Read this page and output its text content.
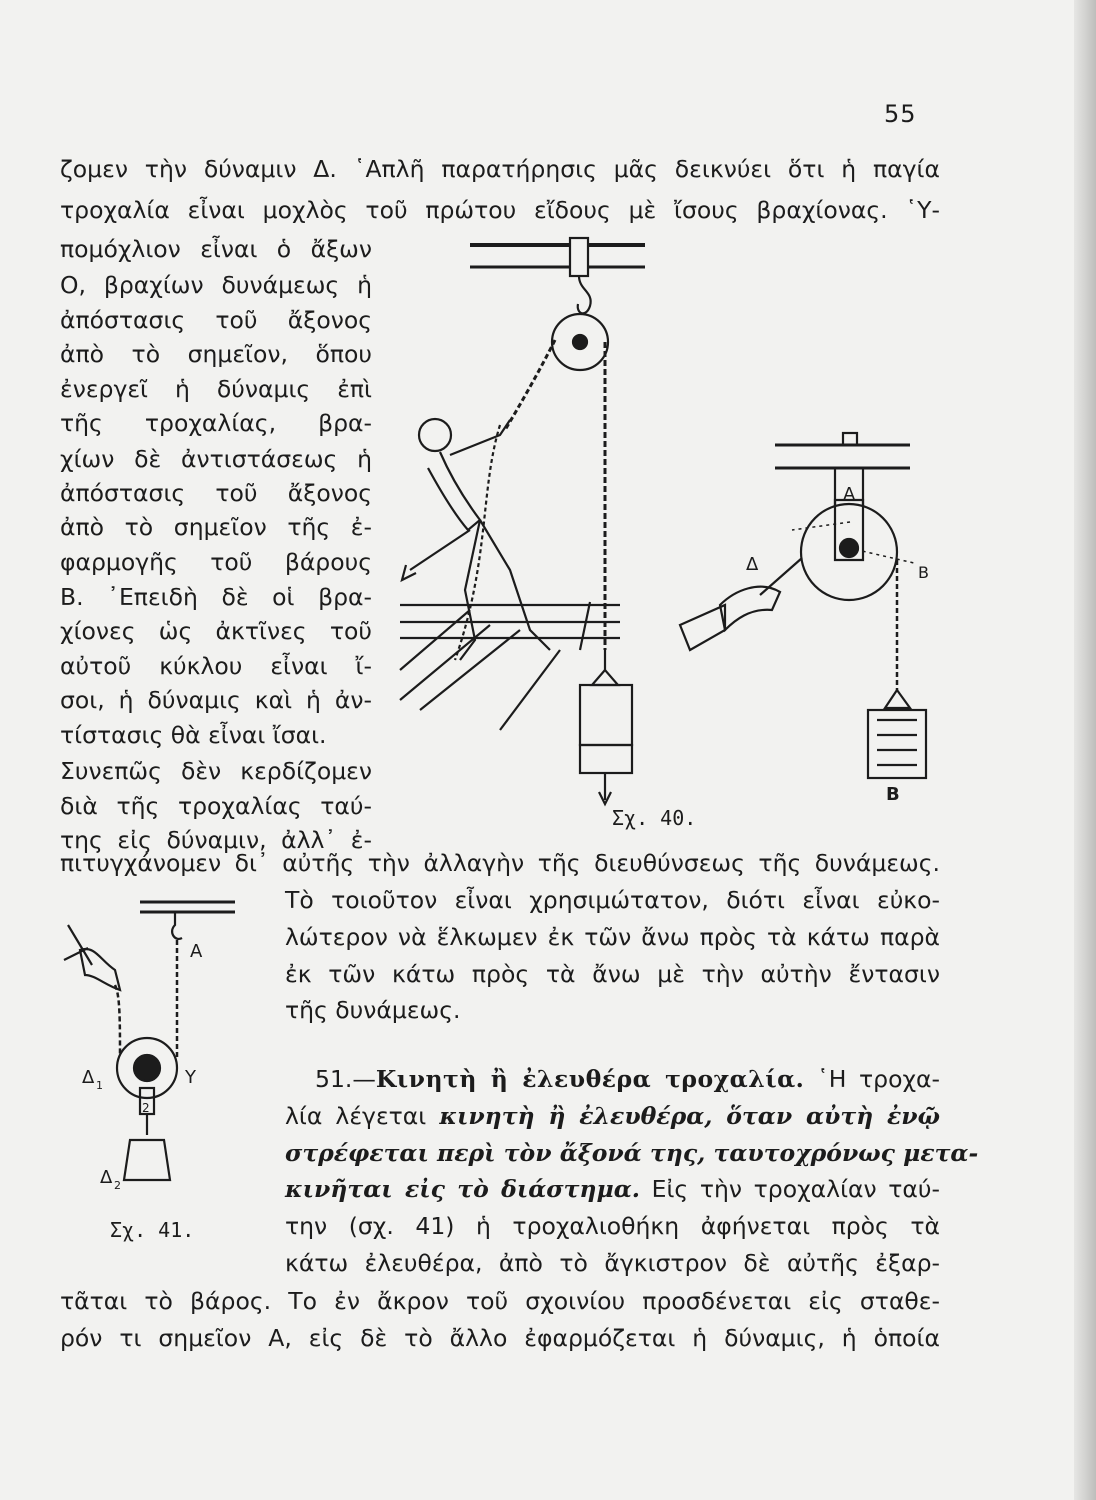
55
ζομεν τὴν δύναμιν Δ. ῾Απλῆ παρατήρησις μᾶς δεικνύει ὅτι ἡ παγία
τροχαλία εἶναι μοχλὸς τοῦ πρώτου εἴδους μὲ ἴσους βραχίονας. ῾Υ-
πομόχλιον εἶναι ὁ ἄξων
Ο, βραχίων δυνάμεως ἡ
ἀπόστασις τοῦ ἄξονος
ἀπὸ τὸ σημεῖον, ὅπου
ἐνεργεῖ ἡ δύναμις ἐπὶ
τῆς τροχαλίας, βρα-
χίων δὲ ἀντιστάσεως ἡ
ἀπόστασις τοῦ ἄξονος
ἀπὸ τὸ σημεῖον τῆς ἐ-
φαρμογῆς τοῦ βάρους
Β. ᾿Επειδὴ δὲ οἱ βρα-
χίονες ὡς ἀκτῖνες τοῦ
αὐτοῦ κύκλου εἶναι ἴ-
σοι, ἡ δύναμις καὶ ἡ ἀν-
τίστασις θὰ εἶναι ἴσαι.
Συνεπῶς δὲν κερδίζομεν
διὰ τῆς τροχαλίας ταύ-
της εἰς δύναμιν, ἀλλ᾿ ἐ-
πιτυγχάνομεν δι᾿ αὐτῆς τὴν ἀλλαγὴν τῆς διευθύνσεως τῆς δυνάμεως.
Τὸ τοιοῦτον εἶναι χρησιμώτατον, διότι εἶναι εὐκο-
λώτερον νὰ ἕλκωμεν ἐκ τῶν ἄνω πρὸς τὰ κάτω παρὰ
ἐκ τῶν κάτω πρὸς τὰ ἄνω μὲ τὴν αὐτὴν ἔντασιν
τῆς δυνάμεως.
51.—Κινητὴ ἢ ἐλευθέρα τροχαλία. ῾Η τροχα-
λία λέγεται κινητὴ ἢ ἐλευθέρα, ὅταν αὐτὴ ἐνῷ
στρέφεται περὶ τὸν ἄξονά της, ταυτοχρόνως μετα-
κινῆται εἰς τὸ διάστημα. Εἰς τὴν τροχαλίαν ταύ-
την (σχ. 41) ἡ τροχαλιοθήκη ἀφήνεται πρὸς τὰ
κάτω ἐλευθέρα, ἀπὸ τὸ ἄγκιστρον δὲ αὐτῆς ἐξαρ-
τᾶται τὸ βάρος. Το ἐν ἄκρον τοῦ σχοινίου προσδένεται εἰς σταθε-
ρόν τι σημεῖον Α, εἰς δὲ τὸ ἄλλο ἐφαρμόζεται ἡ δύναμις, ἡ ὁποία
Α
B
Δ
B
Σχ. 40.
Α
Δ 1	Υ
Δ 2
2
Σχ. 41.
